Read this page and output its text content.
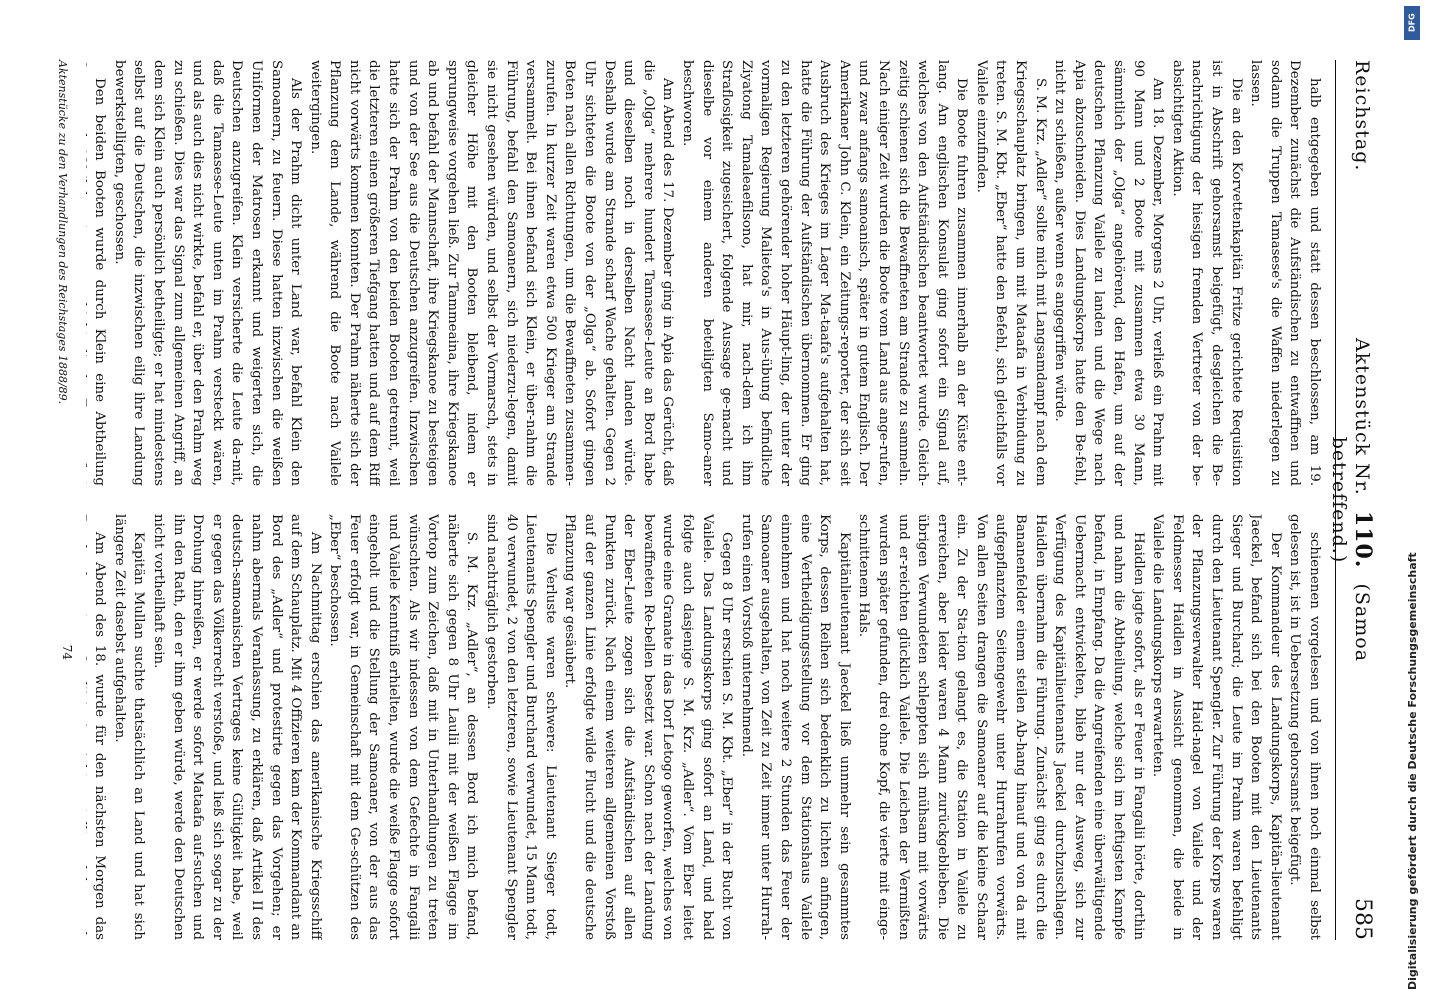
Reichstag.
Aktenstück Nr. 110. (Samoa betreffend.)
585

halb entgegeben und statt dessen beschlossen, am 19. Dezember zunächst die Aufständischen zu entwaffnen und sodann die Truppen Tamasese's die Waffen niederlegen zu lassen.

Die an den Korvettenkapitän Fritze gerichtete Requisition ist in Abschrift gehorsamst beigefügt, desgleichen die Be-nachrichtigung der hiesigen fremden Vertreter von der be-absichtigten Aktion.

Am 18. Dezember, Morgens 2 Uhr, verließ ein Prahm mit 90 Mann und 2 Boote mit zusammen etwa 30 Mann, sämmtlich der „Olga“ angehörend, den Hafen, um auf der deutschen Pflanzung Vailele zu landen und die Wege nach Apia abzuschneiden. Dies Landungskorps hatte den Be-fehl, nicht zu schießen, außer wenn es angegriffen würde.

S. M. Krz. „Adler“ sollte mich mit Langsamdampf nach dem Kriegsschauplatz bringen, um mit Mataafa in Verbindung zu treten. S. M. Kbt. „Eber“ hatte den Befehl, sich gleichfalls vor Vailele einzufinden.

Die Boote fuhren zusammen innerhalb an der Küste ent-lang. Am englischen Konsulat ging sofort ein Signal auf, welches von den Aufständischen beantwortet wurde. Gleich-zeitig schienen sich die Bewaffneten am Strande zu sammeln. Nach einiger Zeit wurden die Boote vom Land aus ange-rufen, und zwar anfangs samoanisch, später in gutem Englisch. Der Amerikaner John C. Klein, ein Zeitungs-reporter, der sich seit Ausbruch des Krieges im Lager Ma-taafa's aufgehalten hat, hatte die Führung der Aufständischen übernommen. Er ging zu den letzteren gehörender hoher Häupt-ling, der unter der vormaligen Regierung Malietoa's in Aus-übung befindliche Ziyatong Tamaleaefilsono, hat mir, nach-dem ich ihm Straflosigkeit zugesichert, folgende Aussage ge-macht und dieselbe vor einem anderen beteiligten Samo-aner beschworen.

Am Abend des 17. Dezember ging in Apia das Gerücht, daß die „Olga“ mehrere hundert Tamasese-Leute an Bord habe und dieselben noch in derselben Nacht landen würde. Deshalb wurde am Strande scharf Wache gehalten. Gegen 2 Uhr sichteten die Boote von der „Olga“ ab. Sofort gingen Boten nach allen Richtungen, um die Bewaffneten zusammen-zurufen. In kurzer Zeit waren etwa 500 Krieger am Strande versammelt. Bei ihnen befand sich Klein, er über-nahm die Führung, befahl den Samoanern, sich niederzu-legen, damit sie nicht gesehen würden, und selbst der Vormarsch, stets in gleicher Höhe mit den Booten bleibend, indem er sprungweise vorgehen ließ. Zur Tammeaina, ihre Kriegskanoe ab und befahl der Mannschaft, ihre Kriegskanoe zu besteigen und von der See aus die Deutschen anzugreifen. Inzwischen hatte sich der Prahm von den beiden Booten getrennt, weil die letzteren einen größeren Tiefgang hatten und auf dem Riff nicht vorwärts kommen konnten. Der Prahm näherte sich der Pflanzung dem Lande, während die Boote nach Vailele weitergingen.

Als der Prahm dicht unter Land war, befahl Klein den Samoanern, zu feuern. Diese hatten inzwischen die weißen Uniformen der Matrosen erkannt und weigerten sich, die Deutschen anzugreifen. Klein versicherte die Leute da-mit, daß die Tamasese-Leute unten im Prahm versteckt wären, und als auch dies nicht wirkte, befahl er, über den Prahm weg zu schießen. Dies war das Signal zum allgemeinen Angriff, an dem sich Klein auch persönlich betheiligte; er hat mindestens selbst auf die Deutschen, die inzwischen eilig ihre Landung bewerkstelligten, geschossen.

Den beiden Booten wurde durch Klein eine Abtheilung

schienenen vorgelesen und von ihnen noch einmal selbst gelesen ist, ist in Uebersetzung gehorsamst beigefügt.

Der Kommandeur des Landungskorps, Kapitän-lieutenant Jaeckel, befand sich bei den Booten mit den Lieutenants Sieger und Burchard; die Leute im Prahm waren befehligt durch den Lieutenant Spengler. Zur Führung der Korps waren der Pflanzungsverwalter Haid-nagel von Vailele und der Feldmesser Haidlen in Aussicht genommen, die beide in Vailele die Landungskorps erwarteten.

Haidlen jagte sofort, als er Feuer in Fangalii hörte, dorthin und nahm die Abtheilung, welche sich im heftigsten Kampfe befand, in Empfang. Da die Angreifenden eine überwältigende Uebermacht entwickelten, blieb nur der Ausweg, sich zur Verfügung des Kapitänlieutenants Jaeckel durchzuschlagen. Haidlen übernahm die Führung. Zunächst ging es durch die Bananenfelder einem steilen Ab-hang hinauf und von da mit aufgepflanztem Seitengewehr unter Hurrahrufen vorwärts. Von allen Seiten drangen die Samoaner auf die kleine Schaar ein. Zu der Sta-tion gelangt es, die Station in Vailele zu erreichen, aber leider waren 4 Mann zurückgeblieben. Die übrigen Verwundeten schleppten sich mühsam mit vorwärts und er-reichten glücklich Vailele. Die Leichen der Vermißten wurden später gefunden, drei ohne Kopf, die vierte mit einge-schnittenem Hals.

Kapitänlieutenant Jaeckel ließ unnmehr sein gesammtes Korps, dessen Reihen sich bedenklich zu lichten anfingen, eine Vertheidigungsstellung vor dem Stationshaus Vailele einnehmen und hat noch weitere 2 Stunden das Feuer der Samoaner ausgehalten, von Zeit zu Zeit immer unter Hurrah-rufen einen Vorstoß unternehmend.

Gegen 8 Uhr erschien S. M. Kbt. „Eber“ in der Bucht von Vailele. Das Landungskorps ging sofort an Land, und bald folgte auch dasjenige S. M. Krz. „Adler“. Vom Eber leitet wurde eine Granate in das Dorf Letogo geworfen, welches von bewaffneten Re-bellen besetzt war. Schon nach der Landung der Eber-Leute zogen sich die Aufständischen auf allen Punkten zurück. Nach einem weiteren allgemeinen Vorstoß auf der ganzen Linie erfolgte wilde Flucht und die deutsche Pflanzung war gesäubert.

Die Verluste waren schwere: Lieutenant Sieger todt, Lieutenants Spengler und Burchard verwundet, 15 Mann todt, 40 verwundet, 2 von den letzteren, sowie Lieutenant Spengler sind nachträglich gestorben.

S. M. Krz. „Adler“, an dessen Bord ich mich befand, näherte sich gegen 8 Uhr Laulii mit der weißen Flagge im Vortop zum Zeichen, daß mit in Unterhandlungen zu treten wünschten. Als wir indessen von dem Gefechte in Fangalii und Vailele Kenntniß erhielten, wurde die weiße Flagge sofort eingeholt und die Stellung der Samoaner, von der aus das Feuer erfolgt war, in Gemeinschaft mit dem Ge-schützen des „Eber“ beschossen.

Am Nachmittag erschien das amerikanische Kriegsschiff auf dem Schauplatz. Mit 4 Offizieren kam der Kommandant an Bord des „Adler“ und protestirte gegen das Vorgehen; er nahm abermals Veranlassung, zu erklären, daß Artikel II des deutsch-samoanischen Vertrages keine Gültigkeit habe, weil er gegen das Völkerrecht verstoße, und ließ sich sogar zu der Drohung hinreißen, er werde sofort Mataafa auf-suchen und ihn den Rath, den er ihm geben würde, werde den Deutschen nicht vortheilhaft sein.

Kapitän Mullan suchte thatsächlich an Land und hat sich längere Zeit dasebst aufgehalten.

Am Abend des 18. wurde für den nächsten Morgen das

Aktenstücke zu den Verhandlungen des Reichstages 1888/89.
74
DFG
Digitalisierung gefördert durch die Deutsche Forschungsgemeinschaft
